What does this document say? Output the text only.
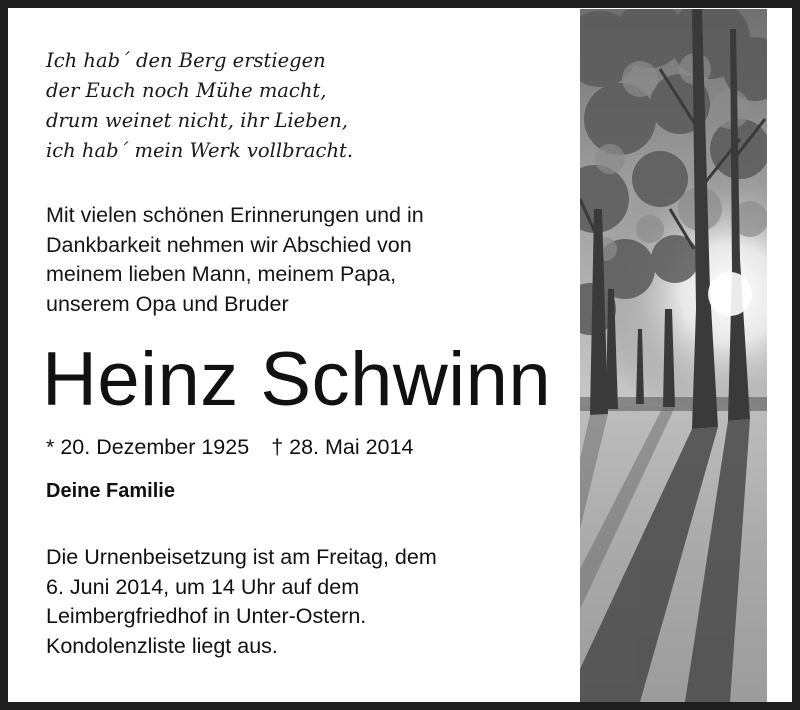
Ich hab´ den Berg erstiegen
der Euch noch Mühe macht,
drum weinet nicht, ihr Lieben,
ich hab´ mein Werk vollbracht.

Mit vielen schönen Erinnerungen und in
Dankbarkeit nehmen wir Abschied von
meinem lieben Mann, meinem Papa,
unserem Opa und Bruder
Heinz Schwinn
* 20. Dezember 1925 † 28. Mai 2014
Deine Familie
Die Urnenbeisetzung ist am Freitag, dem
6. Juni 2014, um 14 Uhr auf dem
Leimbergfriedhof in Unter-Ostern.
Kondolenzliste liegt aus.
